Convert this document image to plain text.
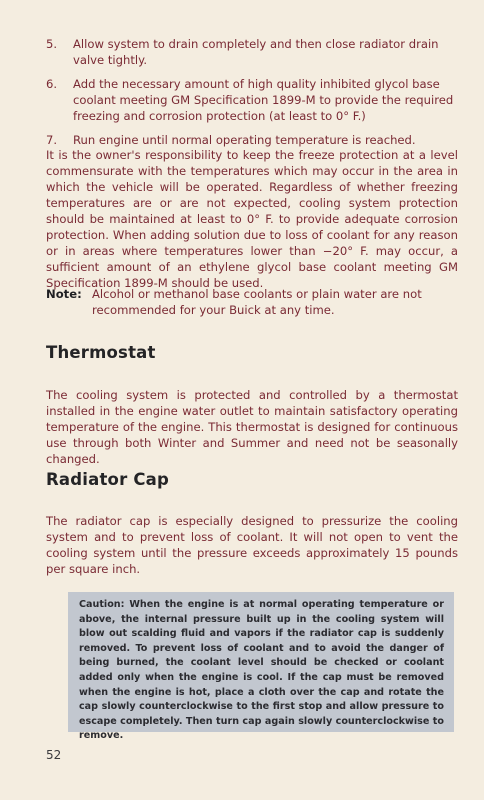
5.	Allow system to drain completely and then close radiator drain valve tightly.
6.	Add the necessary amount of high quality inhibited glycol base coolant meeting GM Specification 1899-M to provide the required freezing and corrosion protection (at least to 0° F.)
7.	Run engine until normal operating temperature is reached.
It is the owner's responsibility to keep the freeze protection at a level commensurate with the temperatures which may occur in the area in which the vehicle will be operated. Regardless of whether freezing temperatures are or are not expected, cooling system protection should be maintained at least to 0° F. to provide adequate corrosion protection. When adding solution due to loss of coolant for any reason or in areas where temperatures lower than −20° F. may occur, a sufficient amount of an ethylene glycol base coolant meeting GM Specification 1899-M should be used.
Note: Alcohol or methanol base coolants or plain water are not recommended for your Buick at any time.
Thermostat
The cooling system is protected and controlled by a thermostat installed in the engine water outlet to maintain satisfactory operating temperature of the engine. This thermostat is designed for continuous use through both Winter and Summer and need not be seasonally changed.
Radiator Cap
The radiator cap is especially designed to pressurize the cooling system and to prevent loss of coolant. It will not open to vent the cooling system until the pressure exceeds approximately 15 pounds per square inch.
Caution: When the engine is at normal operating temperature or above, the internal pressure built up in the cooling system will blow out scalding fluid and vapors if the radiator cap is suddenly removed. To prevent loss of coolant and to avoid the danger of being burned, the coolant level should be checked or coolant added only when the engine is cool. If the cap must be removed when the engine is hot, place a cloth over the cap and rotate the cap slowly counterclockwise to the first stop and allow pressure to escape completely. Then turn cap again slowly counterclockwise to remove.
52
